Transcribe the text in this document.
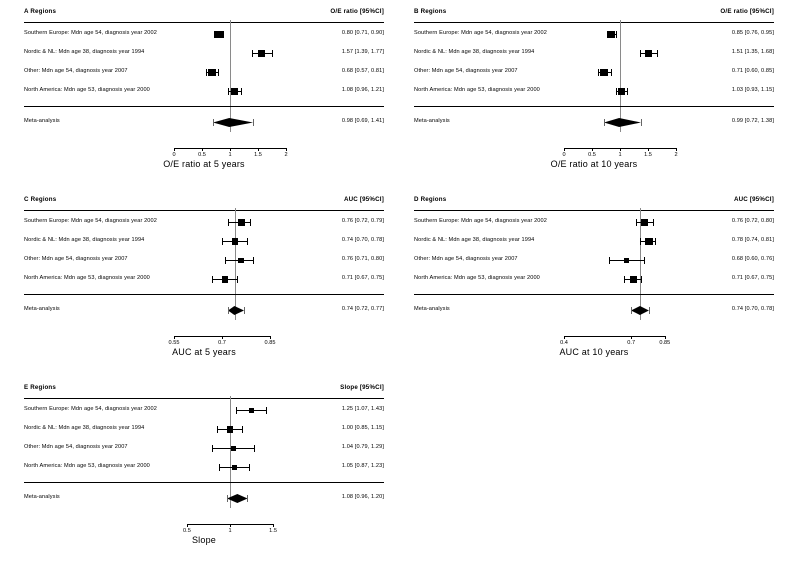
A Regions	O/E ratio [95%CI]
Southern Europe: Mdn age 54, diagnosis year 2002	0.80 [0.71, 0.90]
Nordic & NL: Mdn age 38, diagnosis year 1994	1.57 [1.39, 1.77]
Other: Mdn age 54, diagnosis year 2007	0.68 [0.57, 0.81]
North America: Mdn age 53, diagnosis year 2000	1.08 [0.96, 1.21]
Meta-analysis	0.98 [0.69, 1.41]
0	0.5	1	1.5	2
O/E ratio at 5 years
B Regions	O/E ratio [95%CI]
Southern Europe: Mdn age 54, diagnosis year 2002	0.85 [0.76, 0.95]
Nordic & NL: Mdn age 38, diagnosis year 1994	1.51 [1.35, 1.68]
Other: Mdn age 54, diagnosis year 2007	0.71 [0.60, 0.85]
North America: Mdn age 53, diagnosis year 2000	1.03 [0.93, 1.15]
Meta-analysis	0.99 [0.72, 1.38]
0	0.5	1	1.5	2
O/E ratio at 10 years
C Regions	AUC [95%CI]
Southern Europe: Mdn age 54, diagnosis year 2002	0.76 [0.72, 0.79]
Nordic & NL: Mdn age 38, diagnosis year 1994	0.74 [0.70, 0.78]
Other: Mdn age 54, diagnosis year 2007	0.76 [0.71, 0.80]
North America: Mdn age 53, diagnosis year 2000	0.71 [0.67, 0.75]
Meta-analysis	0.74 [0.72, 0.77]
0.55	0.7	0.85
AUC at 5 years
D Regions	AUC [95%CI]
Southern Europe: Mdn age 54, diagnosis year 2002	0.76 [0.72, 0.80]
Nordic & NL: Mdn age 38, diagnosis year 1994	0.78 [0.74, 0.81]
Other: Mdn age 54, diagnosis year 2007	0.68 [0.60, 0.76]
North America: Mdn age 53, diagnosis year 2000	0.71 [0.67, 0.75]
Meta-analysis	0.74 [0.70, 0.78]
0.4	0.7	0.85
AUC at 10 years
E Regions	Slope [95%CI]
Southern Europe: Mdn age 54, diagnosis year 2002	1.25 [1.07, 1.43]
Nordic & NL: Mdn age 38, diagnosis year 1994	1.00 [0.85, 1.15]
Other: Mdn age 54, diagnosis year 2007	1.04 [0.79, 1.29]
North America: Mdn age 53, diagnosis year 2000	1.05 [0.87, 1.23]
Meta-analysis	1.08 [0.96, 1.20]
0.5	1	1.5
Slope
